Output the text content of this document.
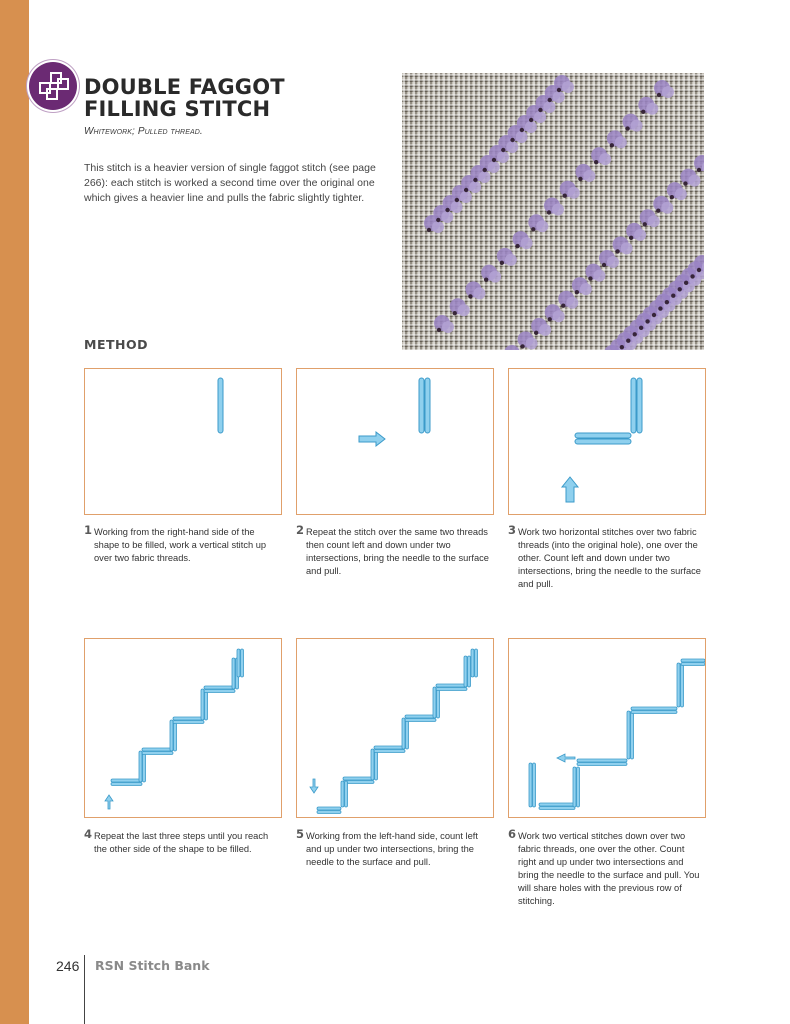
DOUBLE FAGGOT
FILLING STITCH
Whitework; Pulled thread.

This stitch is a heavier version of single faggot stitch (see page 266): each stitch is worked a second time over the original one which gives a heavier line and pulls the fabric slightly tighter.

METHOD
1 Working from the right-hand side of the shape to be filled, work a vertical stitch up over two fabric threads.
2 Repeat the stitch over the same two threads then count left and down under two intersections, bring the needle to the surface and pull.
3 Work two horizontal stitches over two fabric threads (into the original hole), one over the other. Count left and down under two intersections, bring the needle to the surface and pull.
4 Repeat the last three steps until you reach the other side of the shape to be filled.
5 Working from the left-hand side, count left and up under two intersections, bring the needle to the surface and pull.
6 Work two vertical stitches down over two fabric threads, one over the other. Count right and up under two intersections and bring the needle to the surface and pull. You will share holes with the previous row of stitching.
246 RSN Stitch Bank
